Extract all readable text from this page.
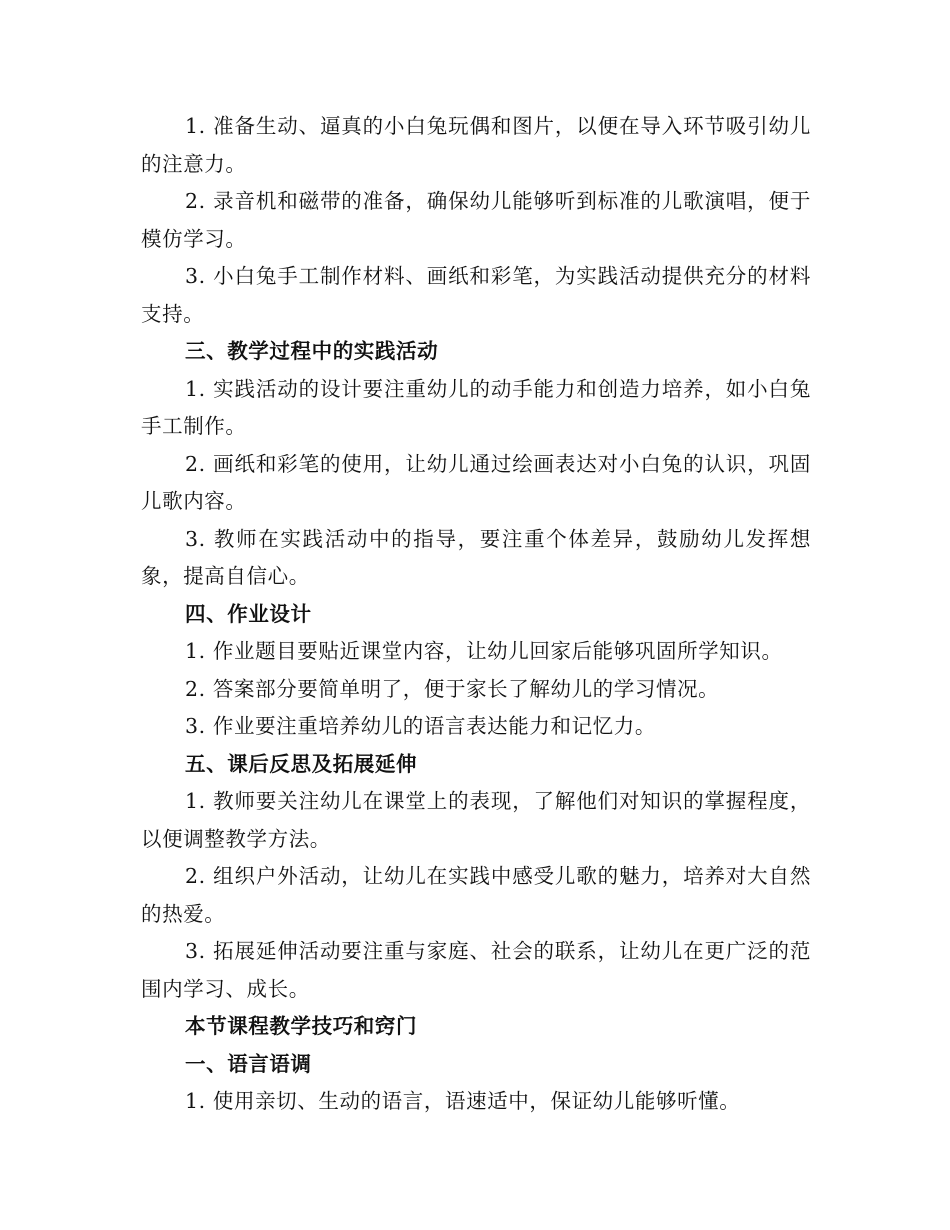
1. 准备生动、逼真的小白兔玩偶和图片，以便在导入环节吸引幼儿的注意力。

2. 录音机和磁带的准备，确保幼儿能够听到标准的儿歌演唱，便于模仿学习。

3. 小白兔手工制作材料、画纸和彩笔，为实践活动提供充分的材料支持。

三、教学过程中的实践活动

1. 实践活动的设计要注重幼儿的动手能力和创造力培养，如小白兔手工制作。

2. 画纸和彩笔的使用，让幼儿通过绘画表达对小白兔的认识，巩固儿歌内容。

3. 教师在实践活动中的指导，要注重个体差异，鼓励幼儿发挥想象，提高自信心。

四、作业设计

1. 作业题目要贴近课堂内容，让幼儿回家后能够巩固所学知识。

2. 答案部分要简单明了，便于家长了解幼儿的学习情况。

3. 作业要注重培养幼儿的语言表达能力和记忆力。

五、课后反思及拓展延伸

1. 教师要关注幼儿在课堂上的表现，了解他们对知识的掌握程度，以便调整教学方法。

2. 组织户外活动，让幼儿在实践中感受儿歌的魅力，培养对大自然的热爱。

3. 拓展延伸活动要注重与家庭、社会的联系，让幼儿在更广泛的范围内学习、成长。

本节课程教学技巧和窍门

一、语言语调

1. 使用亲切、生动的语言，语速适中，保证幼儿能够听懂。
